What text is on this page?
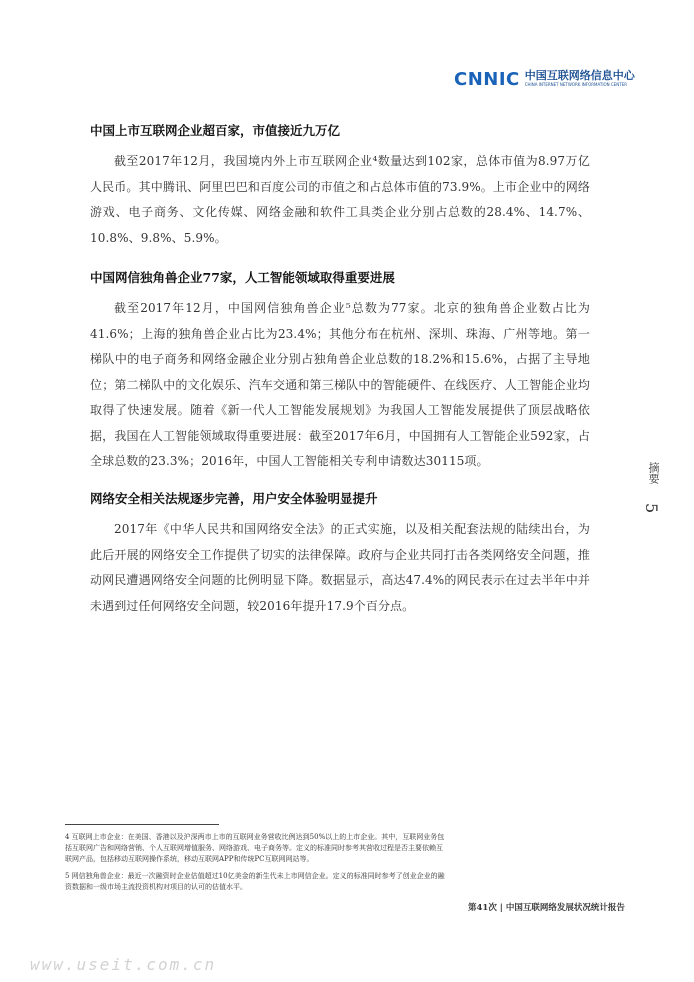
CNNIC 中国互联网络信息中心
CHINA INTERNET NETWORK INFORMATION CENTER
中国上市互联网企业超百家，市值接近九万亿

截至2017年12月，我国境内外上市互联网企业⁴数量达到102家，总体市值为8.97万亿人民币。其中腾讯、阿里巴巴和百度公司的市值之和占总体市值的73.9%。上市企业中的网络游戏、电子商务、文化传媒、网络金融和软件工具类企业分别占总数的28.4%、14.7%、10.8%、9.8%、5.9%。

中国网信独角兽企业77家，人工智能领域取得重要进展

截至2017年12月，中国网信独角兽企业⁵总数为77家。北京的独角兽企业数占比为41.6%；上海的独角兽企业占比为23.4%；其他分布在杭州、深圳、珠海、广州等地。第一梯队中的电子商务和网络金融企业分别占独角兽企业总数的18.2%和15.6%，占据了主导地位；第二梯队中的文化娱乐、汽车交通和第三梯队中的智能硬件、在线医疗、人工智能企业均取得了快速发展。随着《新一代人工智能发展规划》为我国人工智能发展提供了顶层战略依据，我国在人工智能领域取得重要进展：截至2017年6月，中国拥有人工智能企业592家，占全球总数的23.3%；2016年，中国人工智能相关专利申请数达30115项。

网络安全相关法规逐步完善，用户安全体验明显提升

2017年《中华人民共和国网络安全法》的正式实施，以及相关配套法规的陆续出台，为此后开展的网络安全工作提供了切实的法律保障。政府与企业共同打击各类网络安全问题，推动网民遭遇网络安全问题的比例明显下降。数据显示，高达47.4%的网民表示在过去半年中并未遇到过任何网络安全问题，较2016年提升17.9个百分点。

摘要
5
4 互联网上市企业：在美国、香港以及沪深两市上市的互联网业务营收比例达到50%以上的上市企业。其中，互联网业务包括互联网广告和网络营销、个人互联网增值服务、网络游戏、电子商务等。定义的标准同时参考其营收过程是否主要依赖互联网产品，包括移动互联网操作系统，移动互联网APP和传统PC互联网网站等。
5 网信独角兽企业：最近一次融资时企业估值超过10亿美金的新生代未上市网信企业。定义的标准同时参考了创业企业的融资数据和一级市场主流投资机构对项目的认可的估值水平。
第41次 | 中国互联网络发展状况统计报告
www.useit.com.cn
